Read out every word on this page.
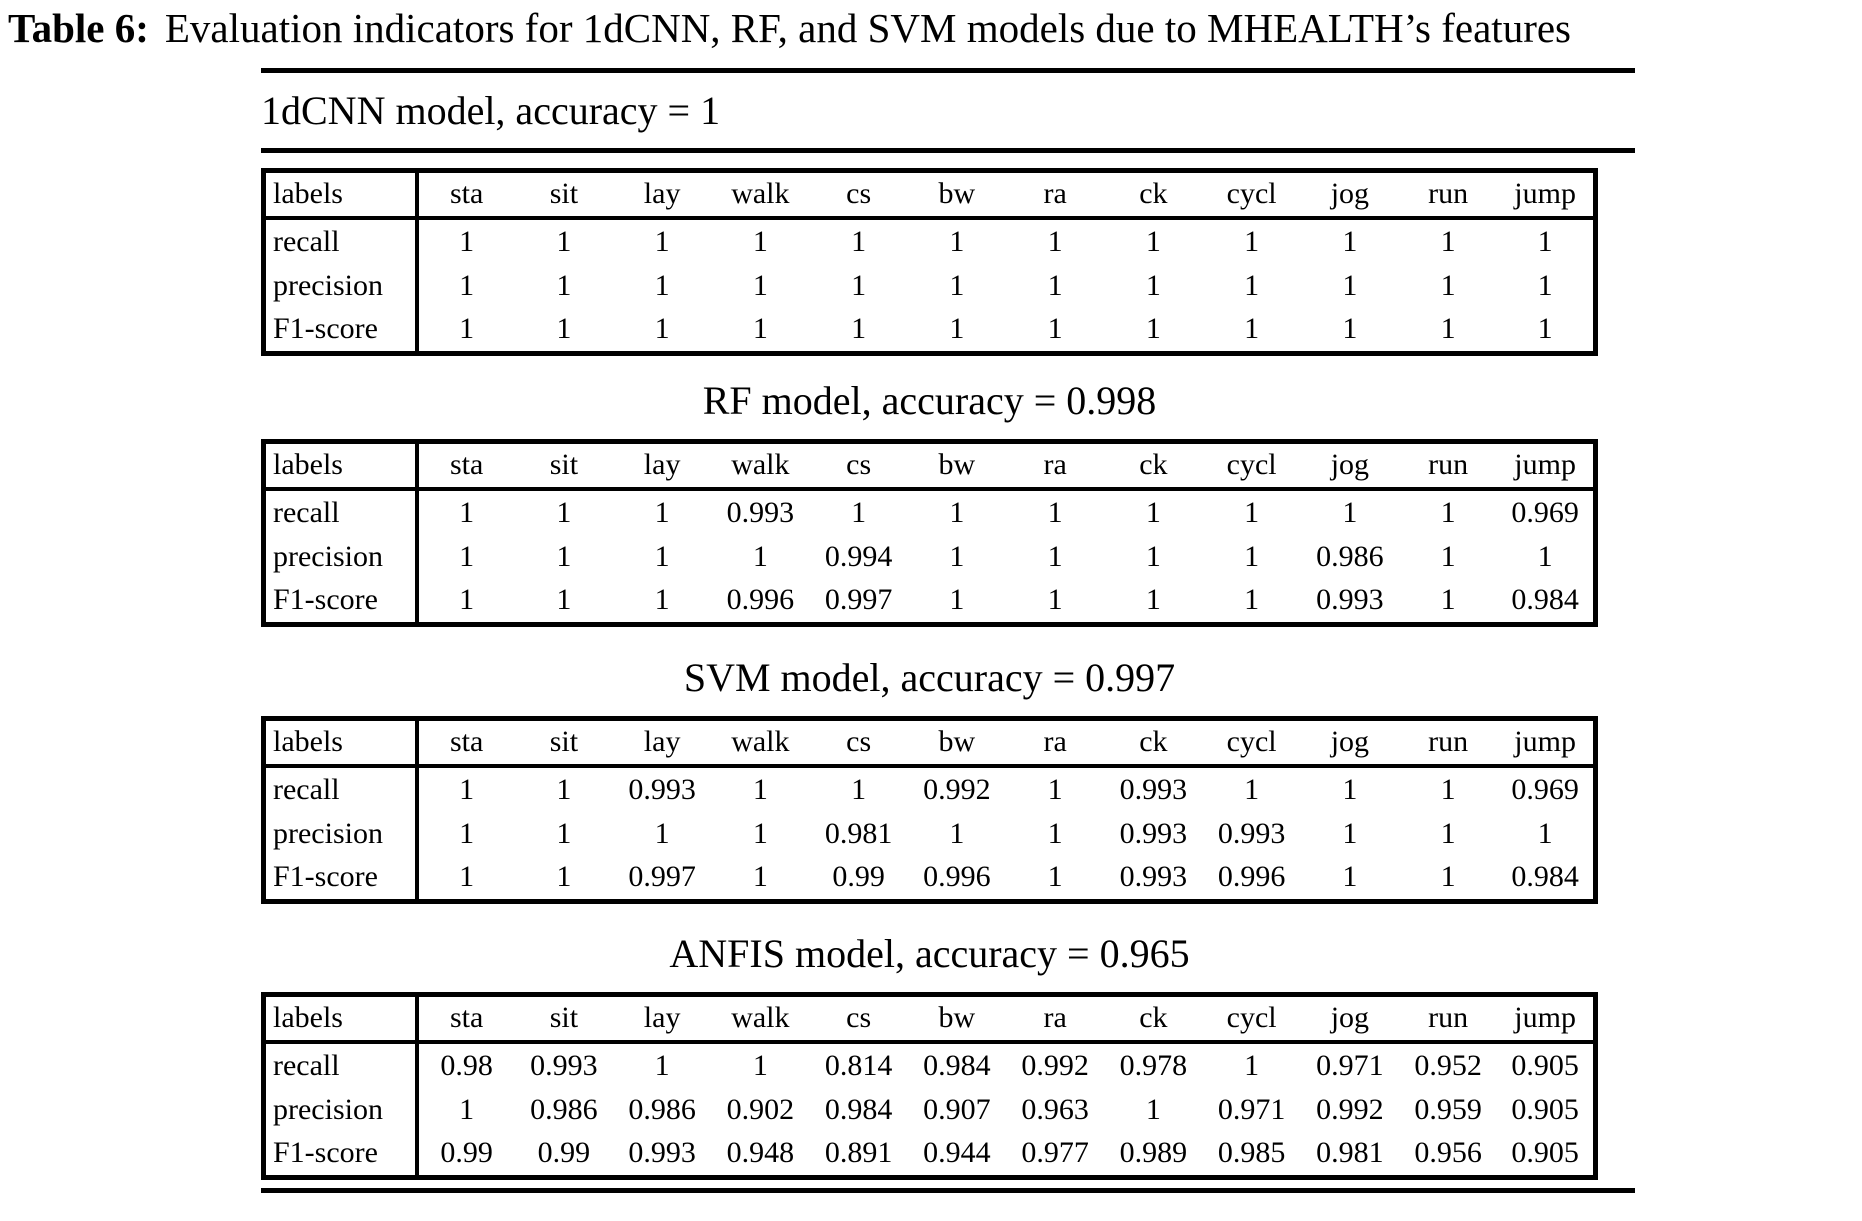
Table 6: Evaluation indicators for 1dCNN, RF, and SVM models due to MHEALTH’s features
1dCNN model, accuracy = 1
labels	sta	sit	lay	walk	cs	bw	ra	ck	cycl	jog	run	jump
recall	1	1	1	1	1	1	1	1	1	1	1	1
precision	1	1	1	1	1	1	1	1	1	1	1	1
F1-score	1	1	1	1	1	1	1	1	1	1	1	1
RF model, accuracy = 0.998
labels	sta	sit	lay	walk	cs	bw	ra	ck	cycl	jog	run	jump
recall	1	1	1	0.993	1	1	1	1	1	1	1	0.969
precision	1	1	1	1	0.994	1	1	1	1	0.986	1	1
F1-score	1	1	1	0.996	0.997	1	1	1	1	0.993	1	0.984
SVM model, accuracy = 0.997
labels	sta	sit	lay	walk	cs	bw	ra	ck	cycl	jog	run	jump
recall	1	1	0.993	1	1	0.992	1	0.993	1	1	1	0.969
precision	1	1	1	1	0.981	1	1	0.993	0.993	1	1	1
F1-score	1	1	0.997	1	0.99	0.996	1	0.993	0.996	1	1	0.984
ANFIS model, accuracy = 0.965
labels	sta	sit	lay	walk	cs	bw	ra	ck	cycl	jog	run	jump
recall	0.98	0.993	1	1	0.814	0.984	0.992	0.978	1	0.971	0.952	0.905
precision	1	0.986	0.986	0.902	0.984	0.907	0.963	1	0.971	0.992	0.959	0.905
F1-score	0.99	0.99	0.993	0.948	0.891	0.944	0.977	0.989	0.985	0.981	0.956	0.905
